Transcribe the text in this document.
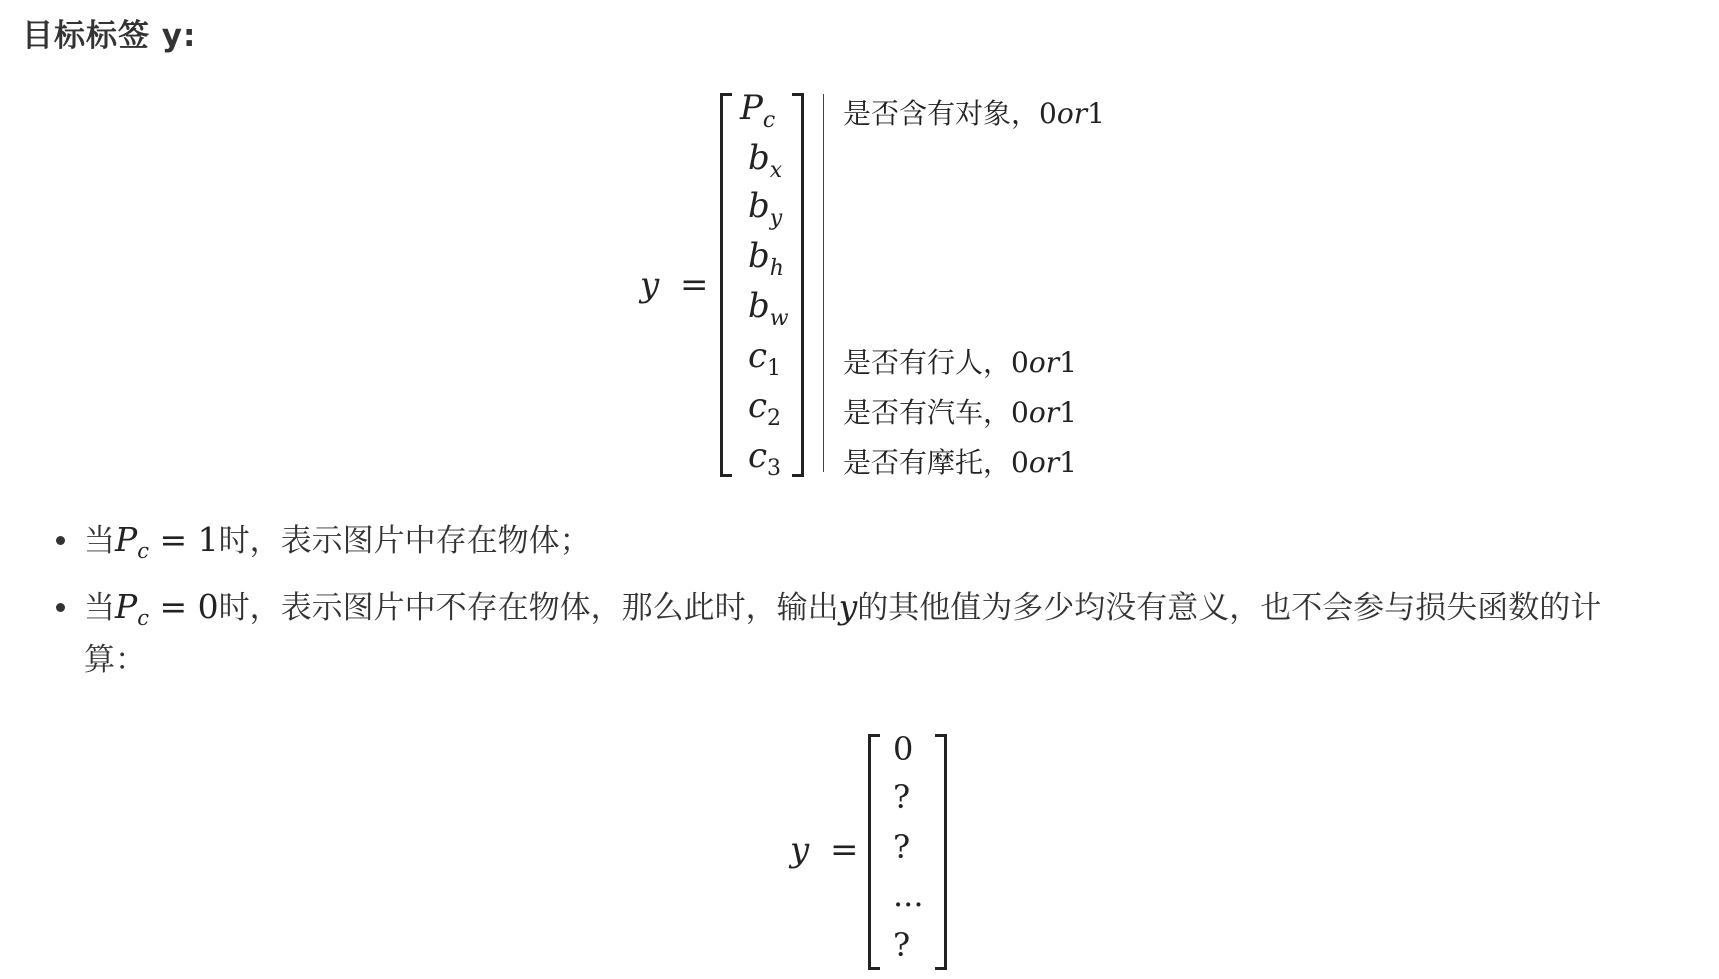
目标标签 y:
y =
$P_c$
$b_x$
$b_y$
$b_h$
$b_w$
$c_1$
$c_2$
$c_3$
是否含有对象，0or1
是否有行人，0or1
是否有汽车，0or1
是否有摩托，0or1
当$P_c = 1$时，表示图片中存在物体；
当$P_c = 0$时，表示图片中不存在物体，那么此时，输出y的其他值为多少均没有意义，也不会参与损失函数的计
算：
y =
0
?
?
...
?
